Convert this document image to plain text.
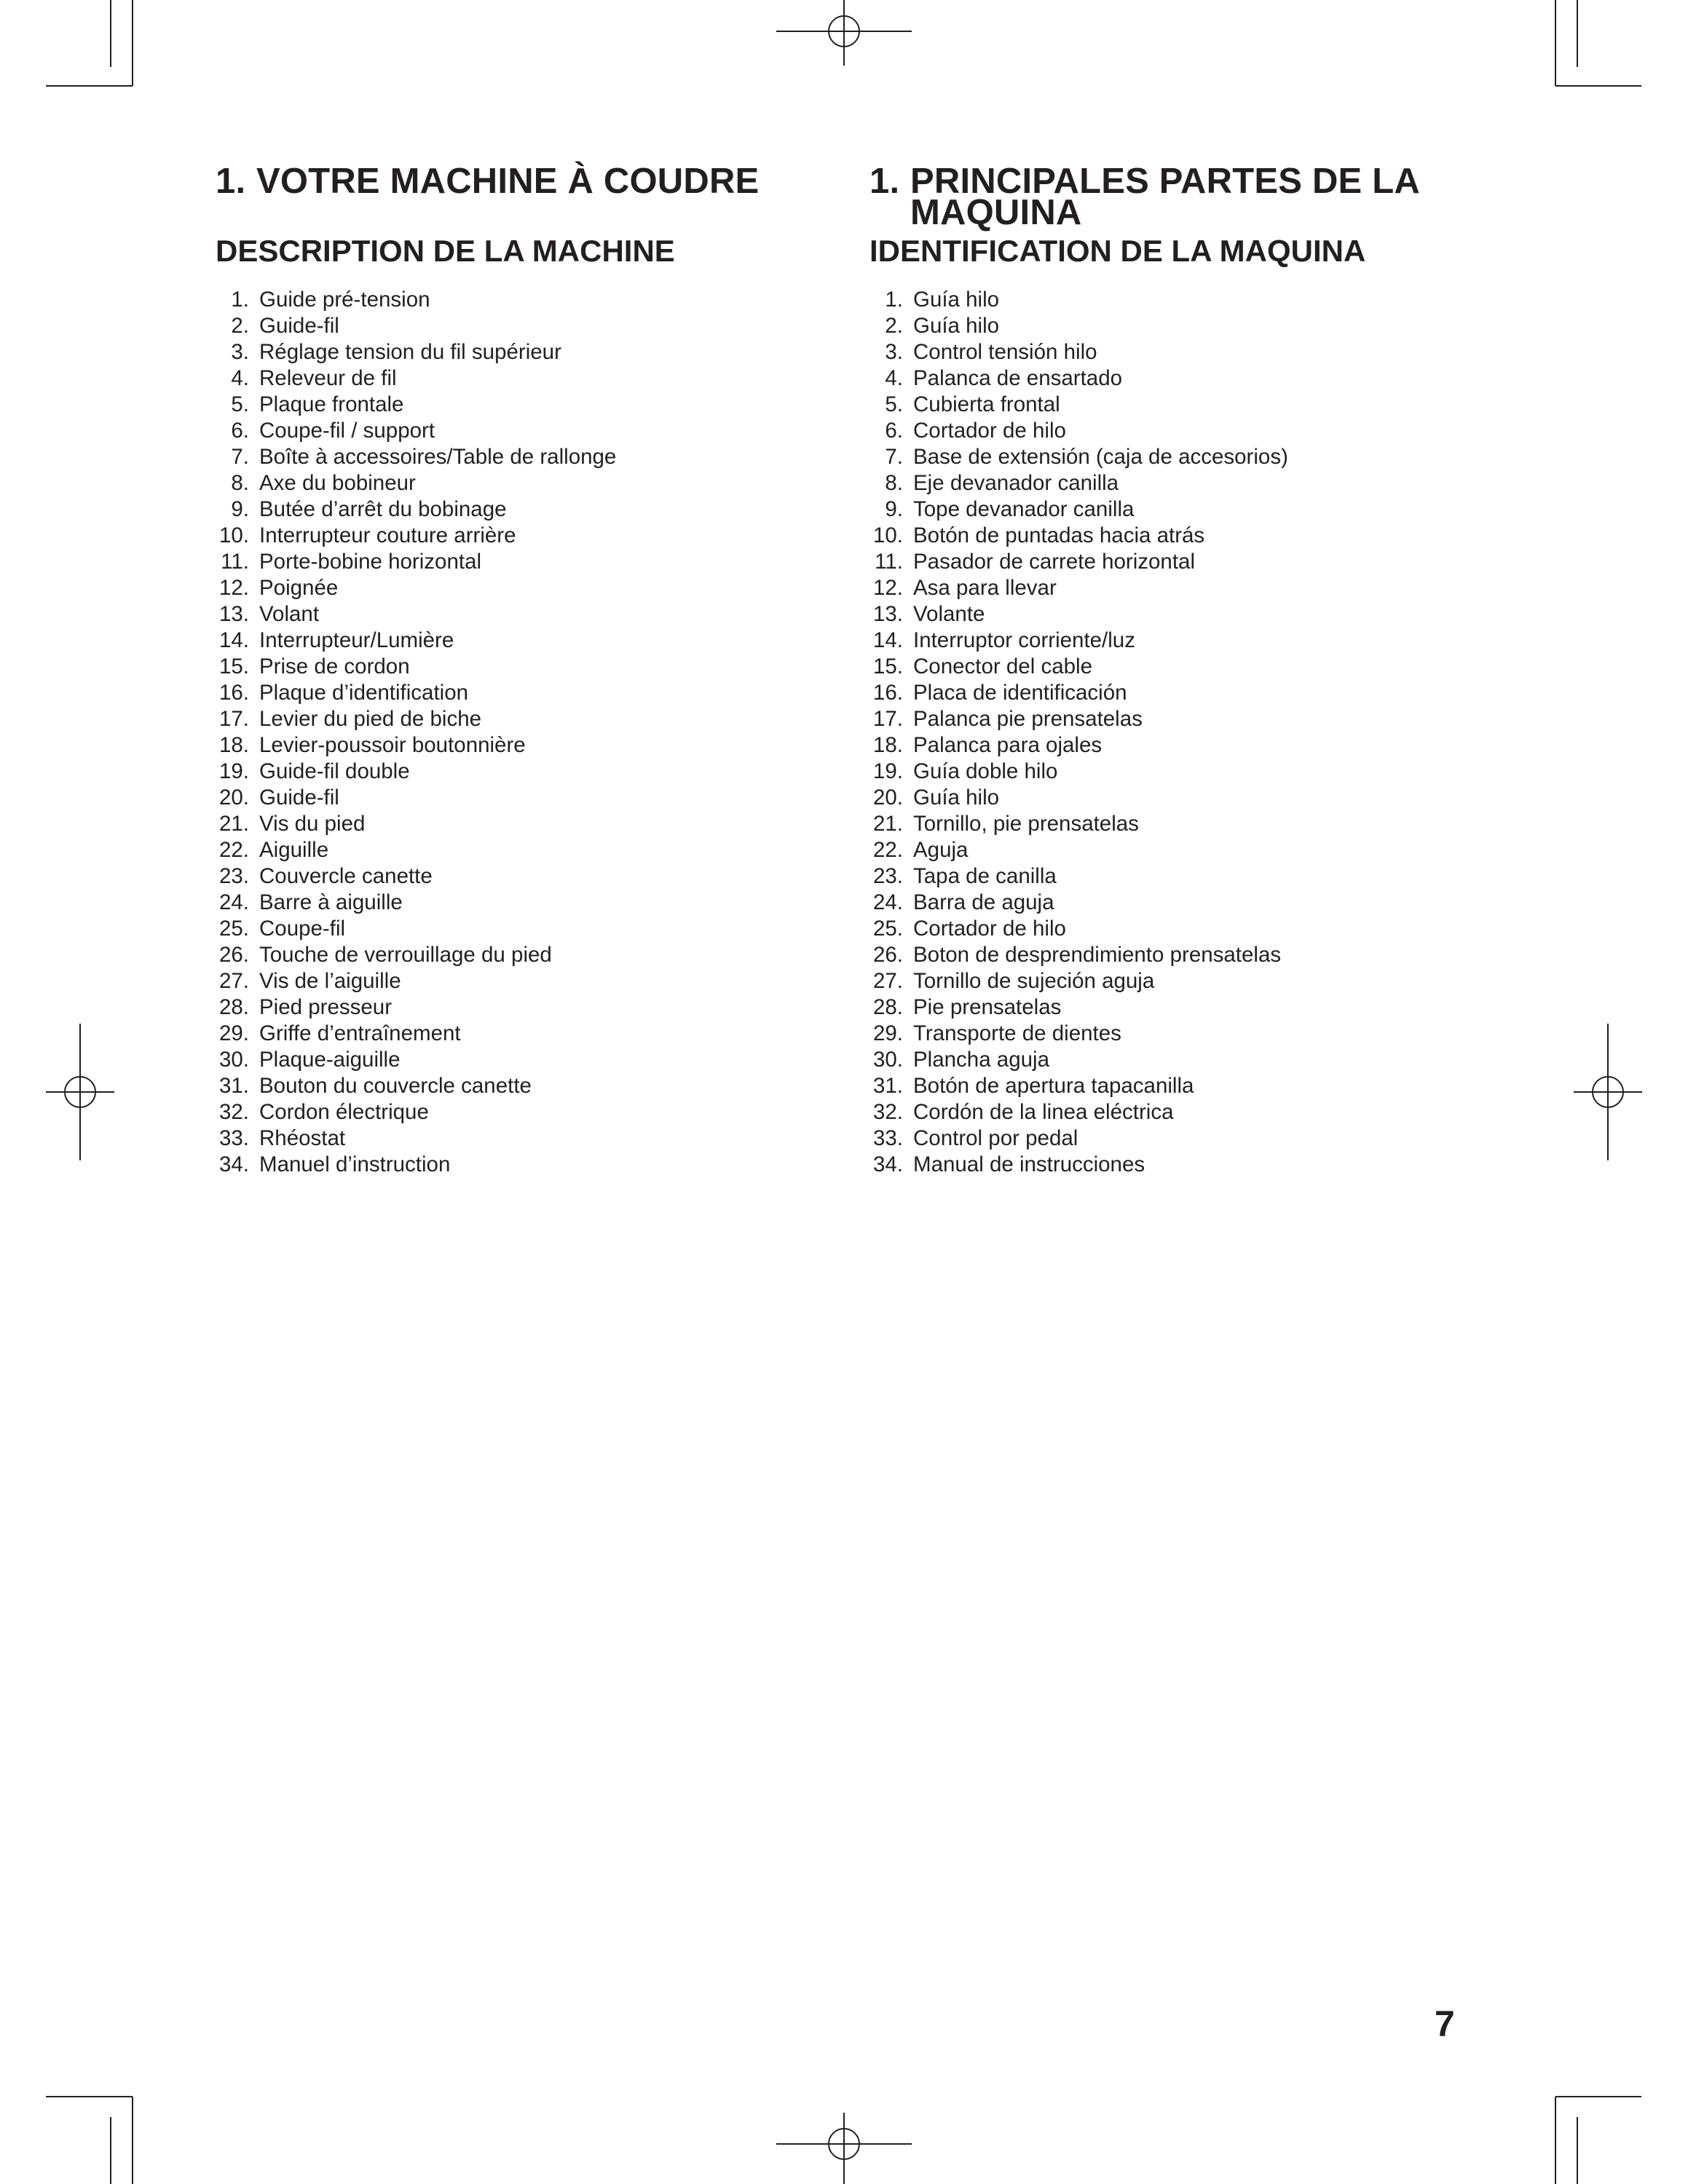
1. VOTRE MACHINE À COUDRE
DESCRIPTION DE LA MACHINE
1. Guide pré-tension
2. Guide-fil
3. Réglage tension du fil supérieur
4. Releveur de fil
5. Plaque frontale
6. Coupe-fil / support
7. Boîte à accessoires/Table de rallonge
8. Axe du bobineur
9. Butée d’arrêt du bobinage
10. Interrupteur couture arrière
11. Porte-bobine horizontal
12. Poignée
13. Volant
14. Interrupteur/Lumière
15. Prise de cordon
16. Plaque d’identification
17. Levier du pied de biche
18. Levier-poussoir boutonnière
19. Guide-fil double
20. Guide-fil
21. Vis du pied
22. Aiguille
23. Couvercle canette
24. Barre à aiguille
25. Coupe-fil
26. Touche de verrouillage du pied
27. Vis de l’aiguille
28. Pied presseur
29. Griffe d’entraînement
30. Plaque-aiguille
31. Bouton du couvercle canette
32. Cordon électrique
33. Rhéostat
34. Manuel d’instruction
1. PRINCIPALES PARTES DE LA MAQUINA
IDENTIFICATION DE LA MAQUINA
1. Guía hilo
2. Guía hilo
3. Control tensión hilo
4. Palanca de ensartado
5. Cubierta frontal
6. Cortador de hilo
7. Base de extensión (caja de accesorios)
8. Eje devanador canilla
9. Tope devanador canilla
10. Botón de puntadas hacia atrás
11. Pasador de carrete horizontal
12. Asa para llevar
13. Volante
14. Interruptor corriente/luz
15. Conector del cable
16. Placa de identificación
17. Palanca pie prensatelas
18. Palanca para ojales
19. Guía doble hilo
20. Guía hilo
21. Tornillo, pie prensatelas
22. Aguja
23. Tapa de canilla
24. Barra de aguja
25. Cortador de hilo
26. Boton de desprendimiento prensatelas
27. Tornillo de sujeción aguja
28. Pie prensatelas
29. Transporte de dientes
30. Plancha aguja
31. Botón de apertura tapacanilla
32. Cordón de la linea eléctrica
33. Control por pedal
34. Manual de instrucciones
7
